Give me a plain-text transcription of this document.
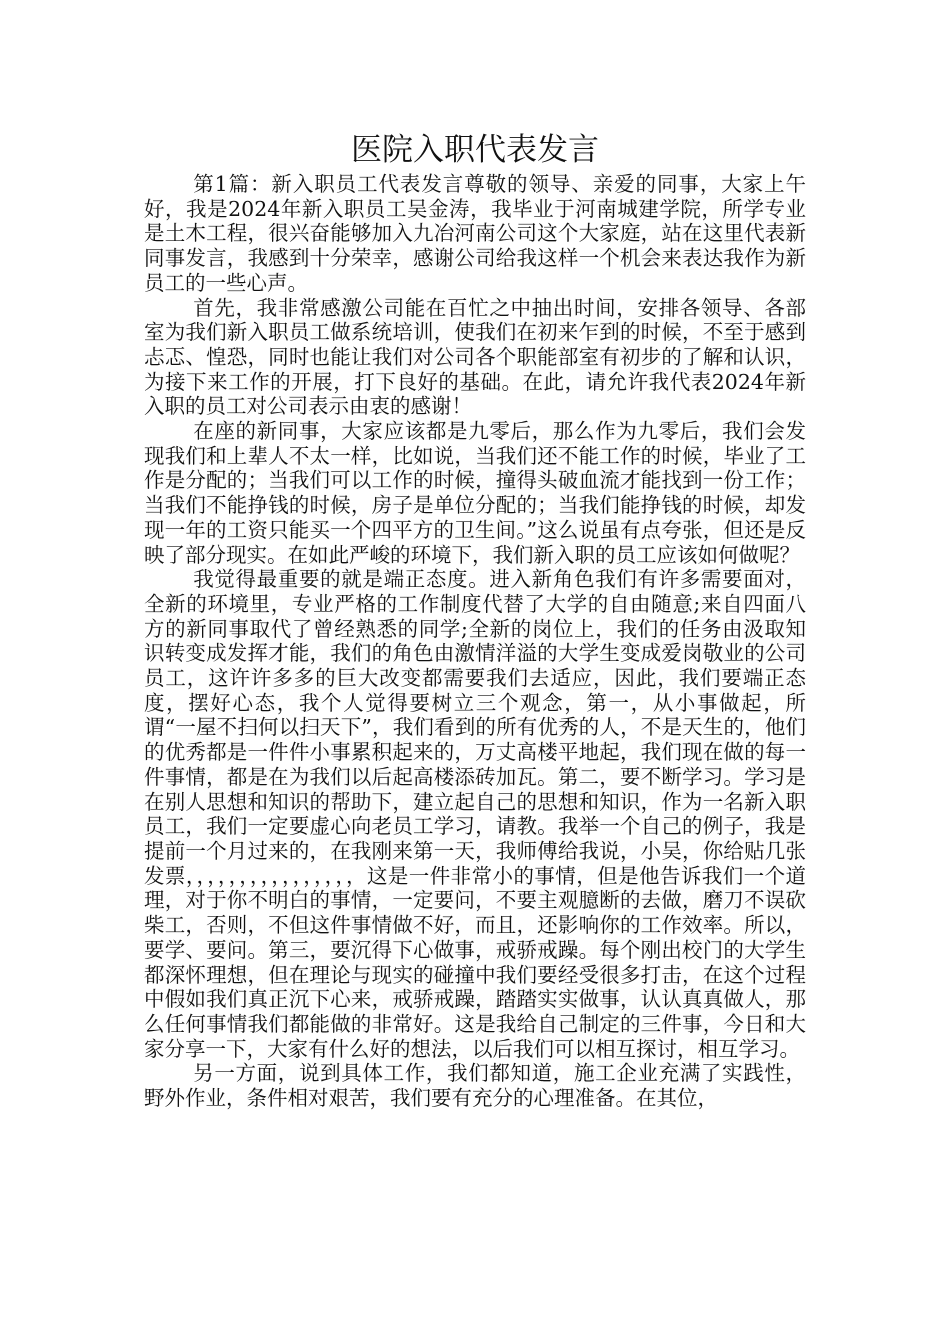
医院入职代表发言

第1篇：新入职员工代表发言尊敬的领导、亲爱的同事，大家上午好，我是2024年新入职员工吴金涛，我毕业于河南城建学院，所学专业是土木工程，很兴奋能够加入九冶河南公司这个大家庭，站在这里代表新同事发言，我感到十分荣幸，感谢公司给我这样一个机会来表达我作为新员工的一些心声。

首先，我非常感激公司能在百忙之中抽出时间，安排各领导、各部室为我们新入职员工做系统培训，使我们在初来乍到的时候，不至于感到忐忑、惶恐，同时也能让我们对公司各个职能部室有初步的了解和认识，为接下来工作的开展，打下良好的基础。在此，请允许我代表2024年新入职的员工对公司表示由衷的感谢！

在座的新同事，大家应该都是九零后，那么作为九零后，我们会发现我们和上辈人不太一样，比如说，当我们还不能工作的时候，毕业了工作是分配的；当我们可以工作的时候，撞得头破血流才能找到一份工作；当我们不能挣钱的时候，房子是单位分配的；当我们能挣钱的时候，却发现一年的工资只能买一个四平方的卫生间。”这么说虽有点夸张，但还是反映了部分现实。在如此严峻的环境下，我们新入职的员工应该如何做呢？

我觉得最重要的就是端正态度。进入新角色我们有许多需要面对，全新的环境里，专业严格的工作制度代替了大学的自由随意;来自四面八方的新同事取代了曾经熟悉的同学;全新的岗位上，我们的任务由汲取知识转变成发挥才能，我们的角色由激情洋溢的大学生变成爱岗敬业的公司员工，这许许多多的巨大改变都需要我们去适应，因此，我们要端正态度，摆好心态，我个人觉得要树立三个观念，第一，从小事做起，所谓“一屋不扫何以扫天下”，我们看到的所有优秀的人，不是天生的，他们的优秀都是一件件小事累积起来的，万丈高楼平地起，我们现在做的每一件事情，都是在为我们以后起高楼添砖加瓦。第二，要不断学习。学习是在别人思想和知识的帮助下，建立起自己的思想和知识，作为一名新入职员工，我们一定要虚心向老员工学习，请教。我举一个自己的例子，我是提前一个月过来的，在我刚来第一天，我师傅给我说，小吴，你给贴几张发票，，，，，，，，，，，，，，，，这是一件非常小的事情，但是他告诉我们一个道理，对于你不明白的事情，一定要问，不要主观臆断的去做，磨刀不误砍柴工，否则，不但这件事情做不好，而且，还影响你的工作效率。所以，要学、要问。第三，要沉得下心做事，戒骄戒躁。每个刚出校门的大学生都深怀理想，但在理论与现实的碰撞中我们要经受很多打击，在这个过程中假如我们真正沉下心来，戒骄戒躁，踏踏实实做事，认认真真做人，那么任何事情我们都能做的非常好。这是我给自己制定的三件事，今日和大家分享一下，大家有什么好的想法，以后我们可以相互探讨，相互学习。

另一方面，说到具体工作，我们都知道，施工企业充满了实践性，野外作业，条件相对艰苦，我们要有充分的心理准备。在其位，
